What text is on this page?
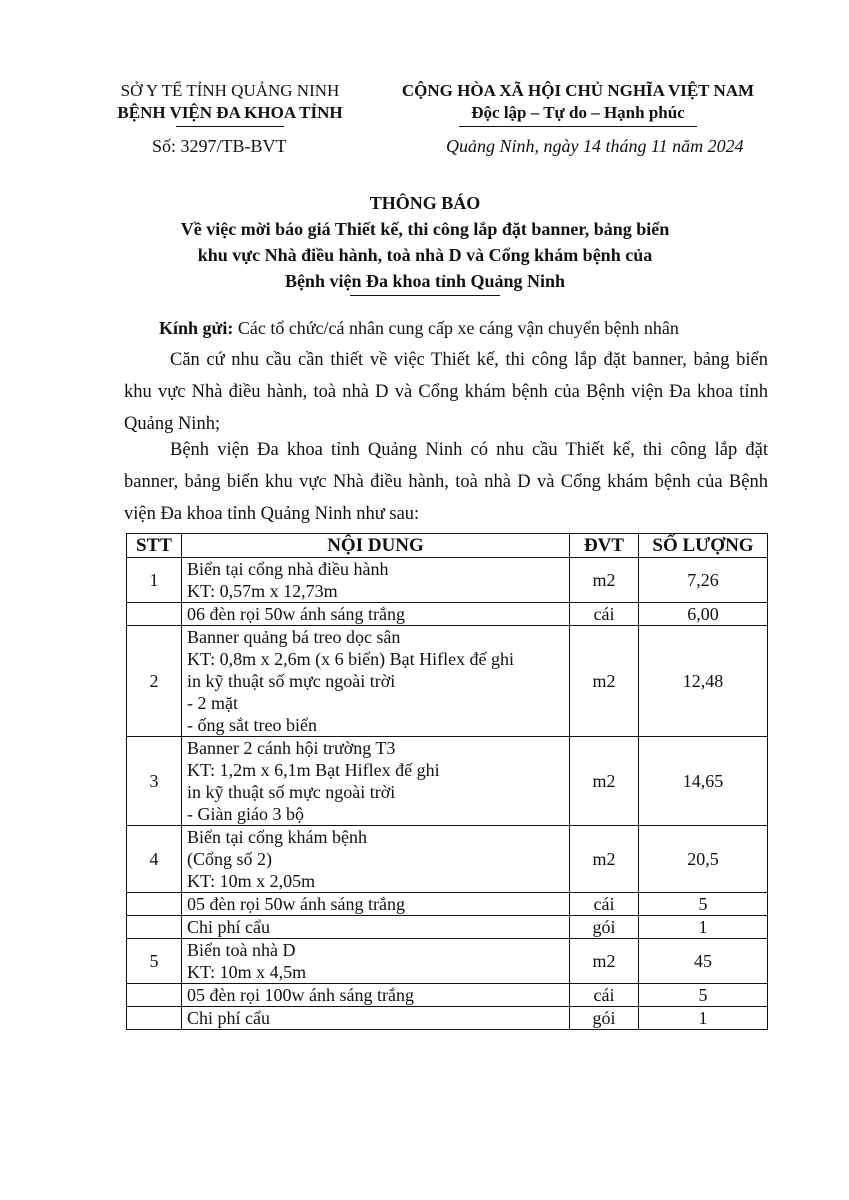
SỞ Y TẾ TỈNH QUẢNG NINH
BỆNH VIỆN ĐA KHOA TỈNH
CỘNG HÒA XÃ HỘI CHỦ NGHĨA VIỆT NAM
Độc lập – Tự do – Hạnh phúc
Số: 3297/TB-BVT	Quảng Ninh, ngày 14 tháng 11 năm 2024
THÔNG BÁO
Về việc mời báo giá Thiết kế, thi công lắp đặt banner, bảng biển
khu vực Nhà điều hành, toà nhà D và Cổng khám bệnh của
Bệnh viện Đa khoa tỉnh Quảng Ninh
Kính gửi: Các tổ chức/cá nhân cung cấp xe cáng vận chuyển bệnh nhân
Căn cứ nhu cầu cần thiết về việc Thiết kế, thi công lắp đặt banner, bảng biển khu vực Nhà điều hành, toà nhà D và Cổng khám bệnh của Bệnh viện Đa khoa tỉnh Quảng Ninh;
Bệnh viện Đa khoa tỉnh Quảng Ninh có nhu cầu Thiết kế, thi công lắp đặt banner, bảng biển khu vực Nhà điều hành, toà nhà D và Cổng khám bệnh của Bệnh viện Đa khoa tỉnh Quảng Ninh như sau:
STT	NỘI DUNG	ĐVT	SỐ LƯỢNG
1	Biển tại cổng nhà điều hành
KT: 0,57m x 12,73m	m2	7,26

	06 đèn rọi 50w ánh sáng trắng	cái	6,00
2	Banner quảng bá treo dọc sân
KT: 0,8m x 2,6m (x 6 biển) Bạt Hiflex đế ghi
in kỹ thuật số mực ngoài trời
- 2 mặt
- ống sắt treo biển	m2	12,48
3	Banner 2 cánh hội trường T3
KT: 1,2m x 6,1m Bạt Hiflex đế ghi
in kỹ thuật số mực ngoài trời
- Giàn giáo 3 bộ	m2	14,65
4	Biển tại cổng khám bệnh
(Cổng số 2)
KT: 10m x 2,05m	m2	20,5

	05 đèn rọi 50w ánh sáng trắng	cái	5

	Chi phí cẩu	gói	1
5	Biển toà nhà D
KT: 10m x 4,5m	m2	45

	05 đèn rọi 100w ánh sáng trắng	cái	5

	Chi phí cẩu	gói	1
